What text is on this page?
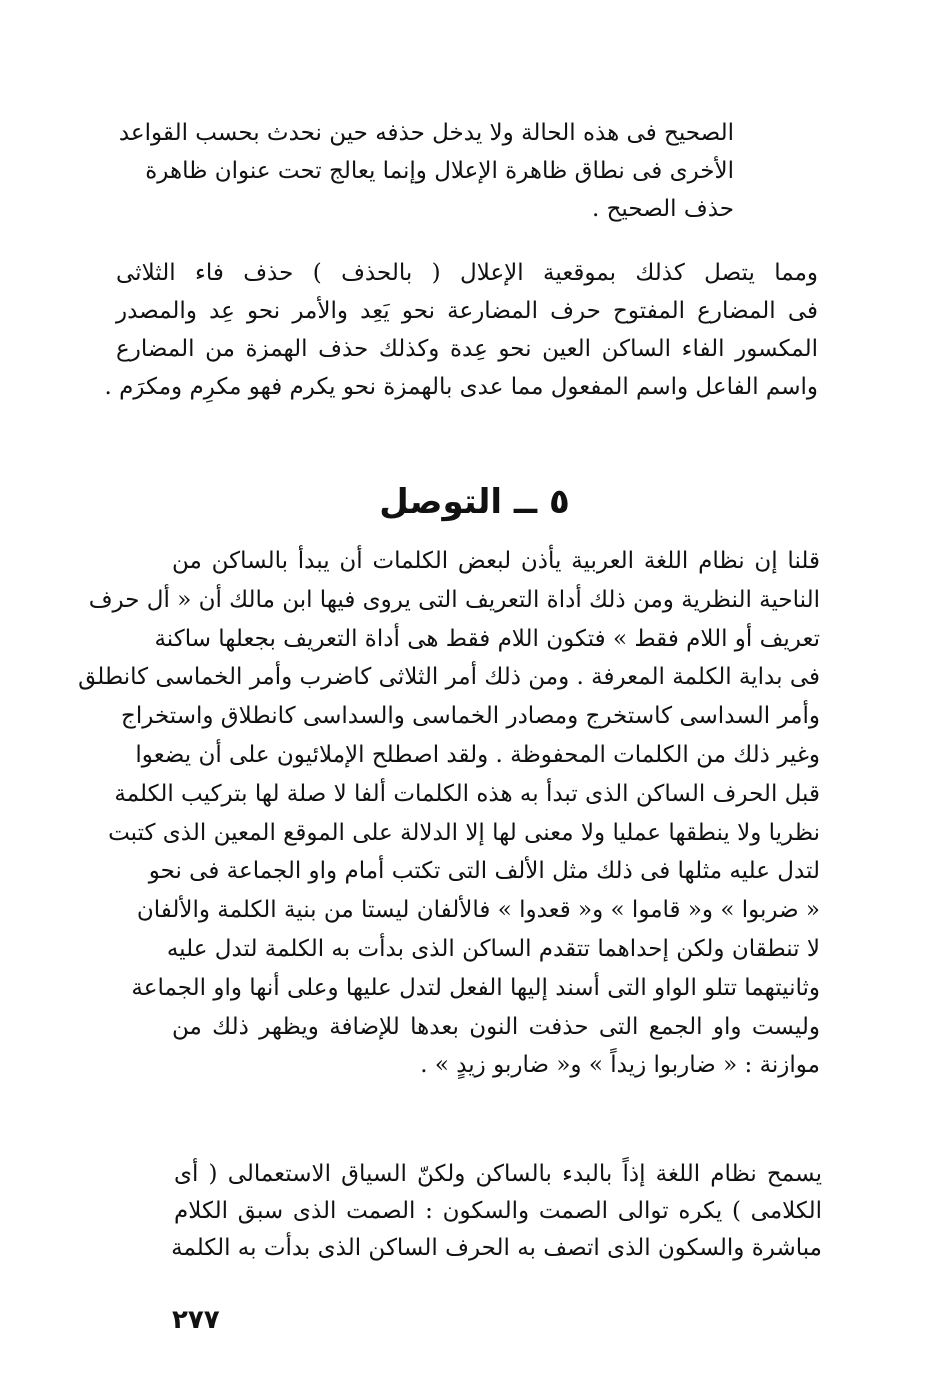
الصحيح فى هذه الحالة ولا يدخل حذفه حين نحدث بحسب القواعد
الأخرى فى نطاق ظاهرة الإعلال وإنما يعالج تحت عنوان ظاهرة
حذف الصحيح .
ومما يتصل كذلك بموقعية الإعلال ( بالحذف ) حذف فاء الثلاثى
فى المضارع المفتوح حرف المضارعة نحو يَعِد والأمر نحو عِد والمصدر
المكسور الفاء الساكن العين نحو عِدة وكذلك حذف الهمزة من المضارع
واسم الفاعل واسم المفعول مما عدى بالهمزة نحو يكرم فهو مكرِم ومكرَم .
٥ ــ التوصل
قلنا إن نظام اللغة العربية يأذن لبعض الكلمات أن يبدأ بالساكن من
الناحية النظرية ومن ذلك أداة التعريف التى يروى فيها ابن مالك أن « أل حرف
تعريف أو اللام فقط » فتكون اللام فقط هى أداة التعريف بجعلها ساكنة
فى بداية الكلمة المعرفة . ومن ذلك أمر الثلاثى كاضرب وأمر الخماسى كانطلق
وأمر السداسى كاستخرج ومصادر الخماسى والسداسى كانطلاق واستخراج
وغير ذلك من الكلمات المحفوظة . ولقد اصطلح الإملائيون على أن يضعوا
قبل الحرف الساكن الذى تبدأ به هذه الكلمات ألفا لا صلة لها بتركيب الكلمة
نظريا ولا ينطقها عمليا ولا معنى لها إلا الدلالة على الموقع المعين الذى كتبت
لتدل عليه مثلها فى ذلك مثل الألف التى تكتب أمام واو الجماعة فى نحو
« ضربوا » و« قاموا » و« قعدوا » فالألفان ليستا من بنية الكلمة والألفان
لا تنطقان ولكن إحداهما تتقدم الساكن الذى بدأت به الكلمة لتدل عليه
وثانيتهما تتلو الواو التى أسند إليها الفعل لتدل عليها وعلى أنها واو الجماعة
وليست واو الجمع التى حذفت النون بعدها للإضافة ويظهر ذلك من
موازنة : « ضاربوا زيداً » و« ضاربو زيدٍ » .
يسمح نظام اللغة إذاً بالبدء بالساكن ولكنّ السياق الاستعمالى ( أى
الكلامى ) يكره توالى الصمت والسكون : الصمت الذى سبق الكلام
مباشرة والسكون الذى اتصف به الحرف الساكن الذى بدأت به الكلمة
٢٧٧
